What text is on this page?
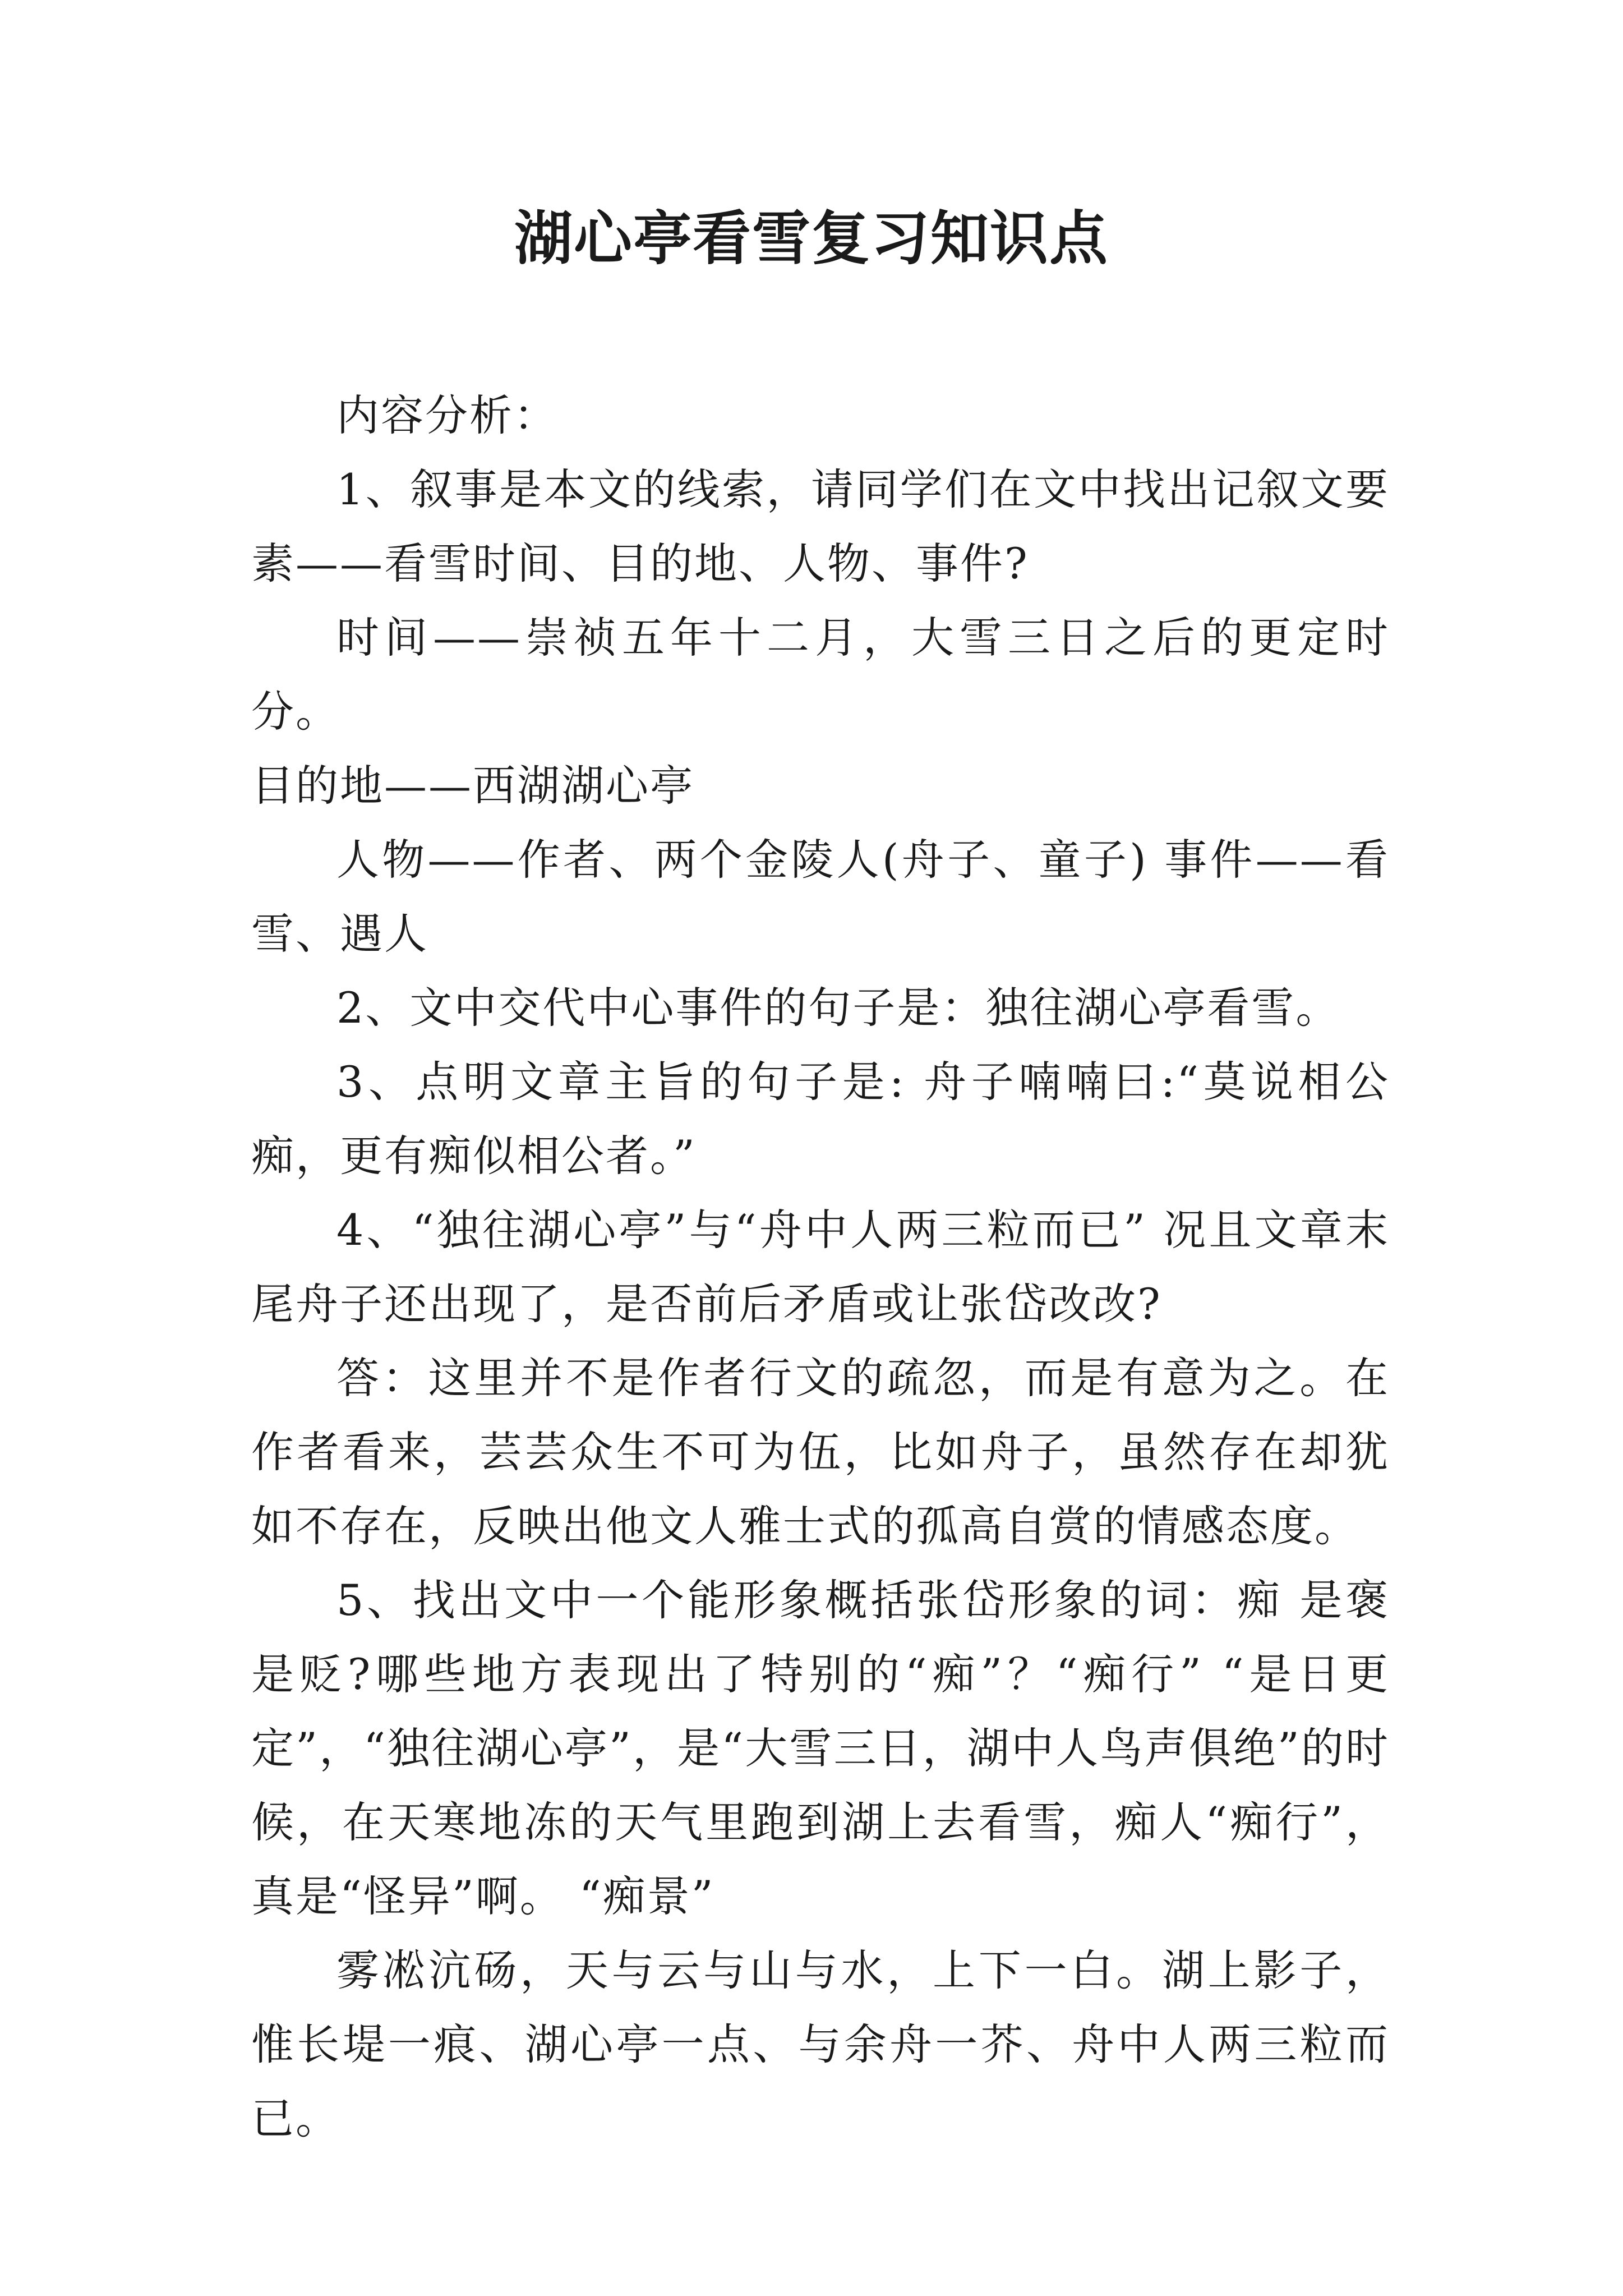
湖心亭看雪复习知识点

内容分析：

1、叙事是本文的线索，请同学们在文中找出记叙文要素——看雪时间、目的地、人物、事件?

时间——崇祯五年十二月，大雪三日之后的更定时分。

目的地——西湖湖心亭

人物——作者、两个金陵人(舟子、童子) 事件——看雪、遇人

2、文中交代中心事件的句子是：独往湖心亭看雪。

3、点明文章主旨的句子是: 舟子喃喃曰:“莫说相公痴，更有痴似相公者。”

4、“独往湖心亭”与“舟中人两三粒而已” 况且文章末尾舟子还出现了，是否前后矛盾或让张岱改改?

答：这里并不是作者行文的疏忽，而是有意为之。在作者看来，芸芸众生不可为伍，比如舟子，虽然存在却犹如不存在，反映出他文人雅士式的孤高自赏的情感态度。

5、找出文中一个能形象概括张岱形象的词：痴 是褒是贬?哪些地方表现出了特别的“痴”？“痴行” “是日更定”，“独往湖心亭”，是“大雪三日，湖中人鸟声俱绝”的时候，在天寒地冻的天气里跑到湖上去看雪，痴人“痴行”，真是“怪异”啊。 “痴景”

雾凇沆砀，天与云与山与水，上下一白。湖上影子，惟长堤一痕、湖心亭一点、与余舟一芥、舟中人两三粒而已。
